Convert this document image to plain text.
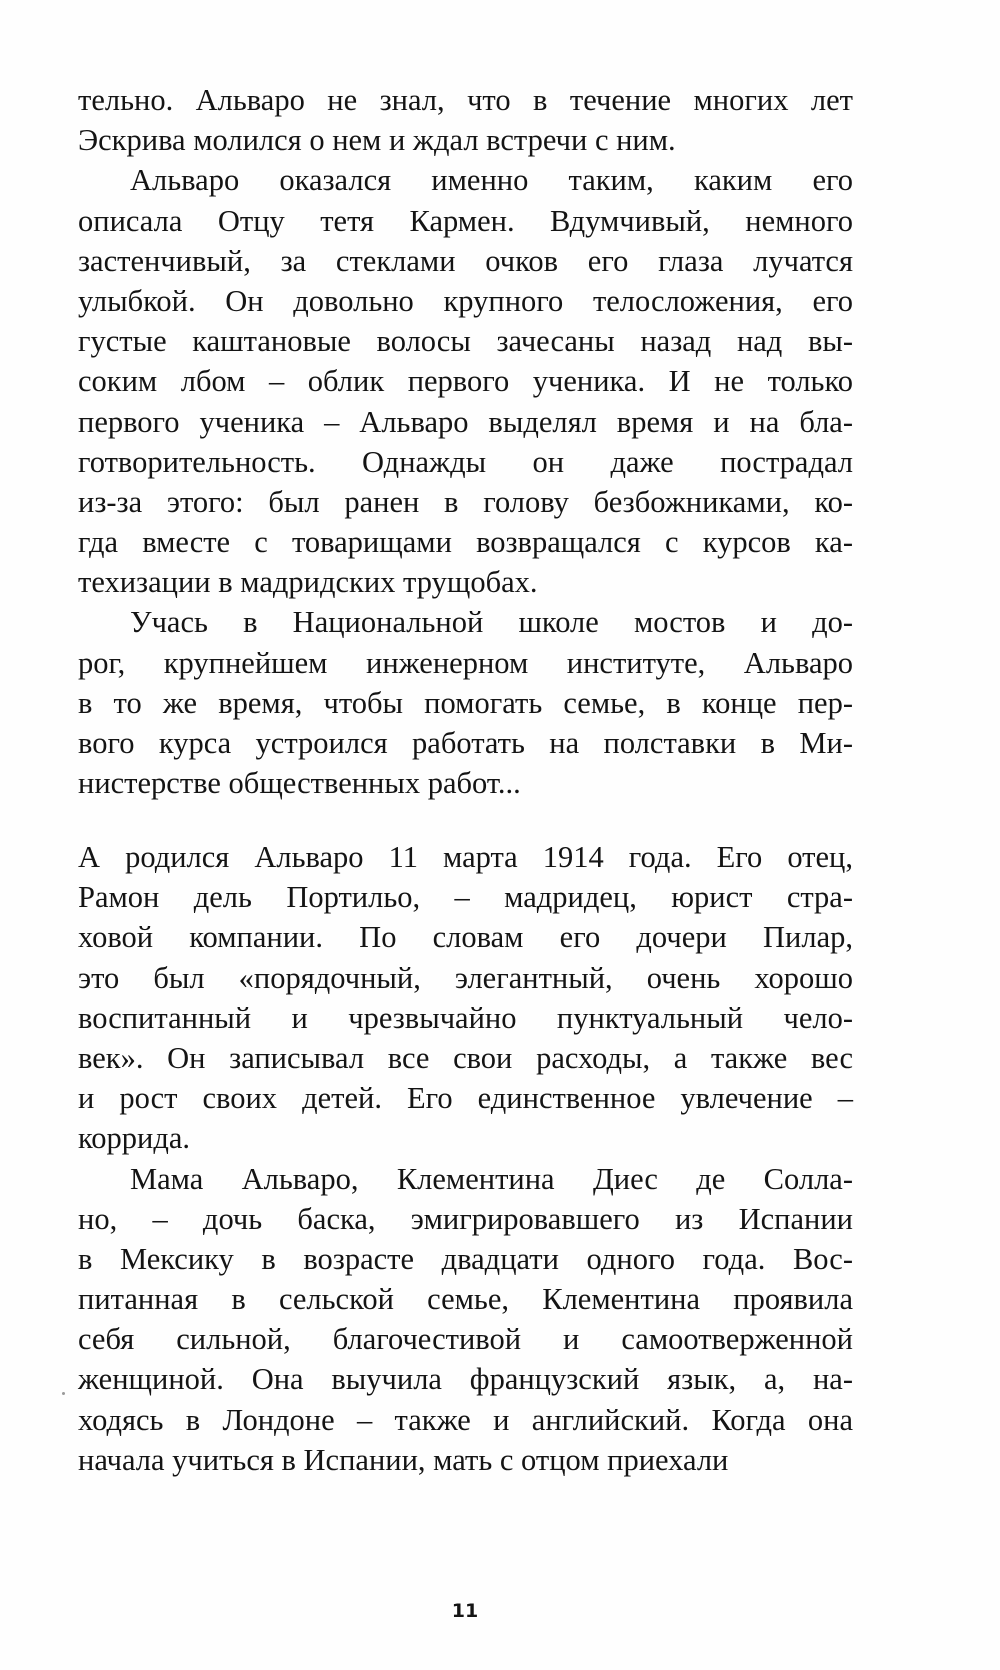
тельно. Альваро не знал, что в течение многих лет
Эскрива молился о нем и ждал встречи с ним.
Альваро оказался именно таким, каким его
описала Отцу тетя Кармен. Вдумчивый, немного
застенчивый, за стеклами очков его глаза лучатся
улыбкой. Он довольно крупного телосложения, его
густые каштановые волосы зачесаны назад над вы-
соким лбом – облик первого ученика. И не только
первого ученика – Альваро выделял время и на бла-
готворительность. Однажды он даже пострадал
из-за этого: был ранен в голову безбожниками, ко-
гда вместе с товарищами возвращался с курсов ка-
техизации в мадридских трущобах.
Учась в Национальной школе мостов и до-
рог, крупнейшем инженерном институте, Альваро
в то же время, чтобы помогать семье, в конце пер-
вого курса устроился работать на полставки в Ми-
нистерстве общественных работ...
А родился Альваро 11 марта 1914 года. Его отец,
Рамон дель Портильо, – мадридец, юрист стра-
ховой компании. По словам его дочери Пилар,
это был «порядочный, элегантный, очень хорошо
воспитанный и чрезвычайно пунктуальный чело-
век». Он записывал все свои расходы, а также вес
и рост своих детей. Его единственное увлечение –
коррида.
Мама Альваро, Клементина Диес де Солла-
но, – дочь баска, эмигрировавшего из Испании
в Мексику в возрасте двадцати одного года. Вос-
питанная в сельской семье, Клементина проявила
себя сильной, благочестивой и самоотверженной
женщиной. Она выучила французский язык, а, на-
ходясь в Лондоне – также и английский. Когда она
начала учиться в Испании, мать с отцом приехали
11
